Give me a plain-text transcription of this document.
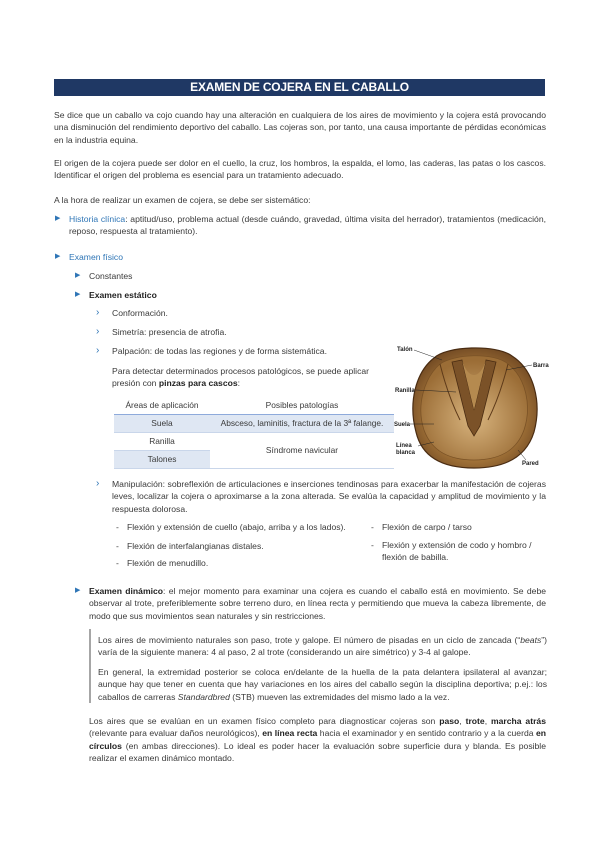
EXAMEN DE COJERA EN EL CABALLO

Se dice que un caballo va cojo cuando hay una alteración en cualquiera de los aires de movimiento y la cojera está provocando una disminución del rendimiento deportivo del caballo. Las cojeras son, por tanto, una causa importante de pérdidas económicas en la industria equina.

El origen de la cojera puede ser dolor en el cuello, la cruz, los hombros, la espalda, el lomo, las caderas, las patas o los cascos. Identificar el origen del problema es esencial para un tratamiento adecuado.

A la hora de realizar un examen de cojera, se debe ser sistemático:

▶ Historia clínica: aptitud/uso, problema actual (desde cuándo, gravedad, última visita del herrador), tratamientos (medicación, reposo, respuesta al tratamiento).

▶ Examen físico

▶ Constantes

▶ Examen estático

› Conformación.

› Simetría: presencia de atrofia.

› Palpación: de todas las regiones y de forma sistemática.

Para detectar determinados procesos patológicos, se puede aplicar presión con pinzas para cascos:

Áreas de aplicación	Posibles patologías
Suela	Absceso, laminitis, fractura de la 3ª falange.
Ranilla	Síndrome navicular
Talones	
Talón
Barra
Ranilla
Suela
Línea
blanca
Pared
› Manipulación: sobreflexión de articulaciones e inserciones tendinosas para exacerbar la manifestación de cojeras leves, localizar la cojera o aproximarse a la zona alterada. Se evalúa la capacidad y amplitud de movimiento y la respuesta dolorosa.

- Flexión y extensión de cuello (abajo, arriba y a los lados).

- Flexión de interfalangianas distales.

- Flexión de menudillo.

- Flexión de carpo / tarso

- Flexión y extensión de codo y hombro / flexión de babilla.

▶ Examen dinámico: el mejor momento para examinar una cojera es cuando el caballo está en movimiento. Se debe observar al trote, preferiblemente sobre terreno duro, en línea recta y permitiendo que mueva la cabeza libremente, de modo que sus movimientos sean naturales y sin restricciones.

Los aires de movimiento naturales son paso, trote y galope. El número de pisadas en un ciclo de zancada (“beats”) varía de la siguiente manera: 4 al paso, 2 al trote (considerando un aire simétrico) y 3-4 al galope.

En general, la extremidad posterior se coloca en/delante de la huella de la pata delantera ipsilateral al avanzar; aunque hay que tener en cuenta que hay variaciones en los aires del caballo según la disciplina deportiva; p.ej.: los caballos de carreras Standardbred (STB) mueven las extremidades del mismo lado a la vez.

Los aires que se evalúan en un examen físico completo para diagnosticar cojeras son paso, trote, marcha atrás (relevante para evaluar daños neurológicos), en línea recta hacia el examinador y en sentido contrario y a la cuerda en círculos (en ambas direcciones). Lo ideal es poder hacer la evaluación sobre superficie dura y blanda. Es posible realizar el examen dinámico montado.
